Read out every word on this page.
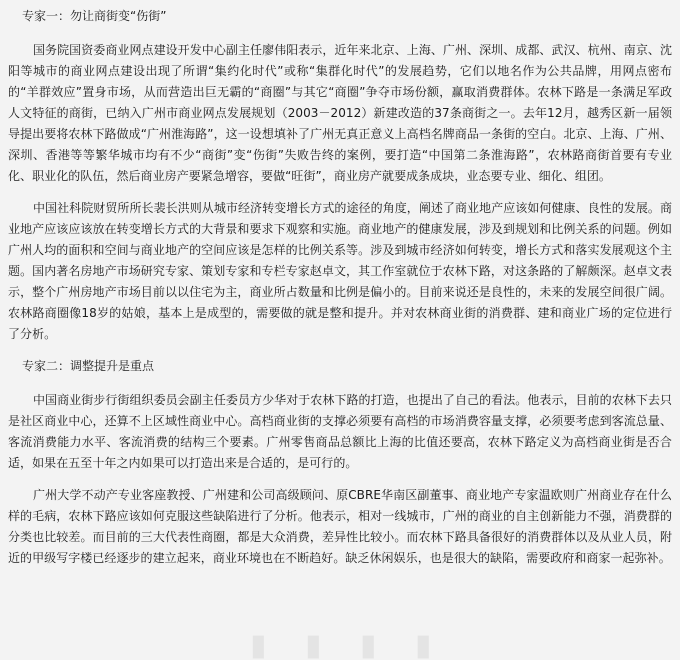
专家一：勿让商街变“伤街”

国务院国资委商业网点建设开发中心副主任廖伟阳表示，近年来北京、上海、广州、深圳、成都、武汉、杭州、南京、沈阳等城市的商业网点建设出现了所谓“集约化时代”或称“集群化时代”的发展趋势，它们以地名作为公共品牌，用网点密布的“羊群效应”置身市场，从而营造出巨无霸的“商圈”与其它“商圈”争夺市场份额，赢取消费群体。农林下路是一条满足军政人文特征的商街，已纳入广州市商业网点发展规划（2003－2012）新建改造的37条商街之一。去年12月，越秀区新一届领导提出要将农林下路做成“广州淮海路”，这一设想填补了广州无真正意义上高档名牌商品一条街的空白。北京、上海、广州、深圳、香港等等繁华城市均有不少“商街”变“伤街”失败告终的案例，要打造“中国第二条淮海路”，农林路商街首要有专业化、职业化的队伍，然后商业房产要紧急增容，要做“旺街”，商业房产就要成条成块，业态要专业、细化、组团。

中国社科院财贸所所长裴长洪则从城市经济转变增长方式的途径的角度，阐述了商业地产应该如何健康、良性的发展。商业地产应该应该放在转变增长方式的大背景和要求下观察和实施。商业地产的健康发展，涉及到规划和比例关系的问题。例如广州人均的面积和空间与商业地产的空间应该是怎样的比例关系等。涉及到城市经济如何转变，增长方式和落实发展观这个主题。国内著名房地产市场研究专家、策划专家和专栏专家赵卓文，其工作室就位于农林下路，对这条路的了解颇深。赵卓文表示，整个广州房地产市场目前以以住宅为主，商业所占数量和比例是偏小的。目前来说还是良性的，未来的发展空间很广阔。农林路商圈像18岁的姑娘，基本上是成型的，需要做的就是整和提升。并对农林商业街的消费群、建和商业广场的定位进行了分析。

专家二：调整提升是重点

中国商业街步行街组织委员会副主任委员方少华对于农林下路的打造，也提出了自己的看法。他表示，目前的农林下去只是社区商业中心，还算不上区域性商业中心。高档商业街的支撑必须要有高档的市场消费容量支撑，必须要考虑到客流总量、客流消费能力水平、客流消费的结构三个要素。广州零售商品总额比上海的比值还要高，农林下路定义为高档商业街是否合适，如果在五至十年之内如果可以打造出来是合适的，是可行的。

广州大学不动产专业客座教授、广州建和公司高级顾问、原CBRE华南区副董事、商业地产专家温欧则广州商业存在什么样的毛病，农林下路应该如何克服这些缺陷进行了分析。他表示，相对一线城市，广州的商业的自主创新能力不强，消费群的分类也比较差。而目前的三大代表性商圈，都是大众消费，差异性比较小。而农林下路具备很好的消费群体以及从业人员，附近的甲级写字楼已经逐步的建立起来，商业环境也在不断趋好。缺乏休闲娱乐，也是很大的缺陷，需要政府和商家一起弥补。

▮ ▮ ▮ ▮
